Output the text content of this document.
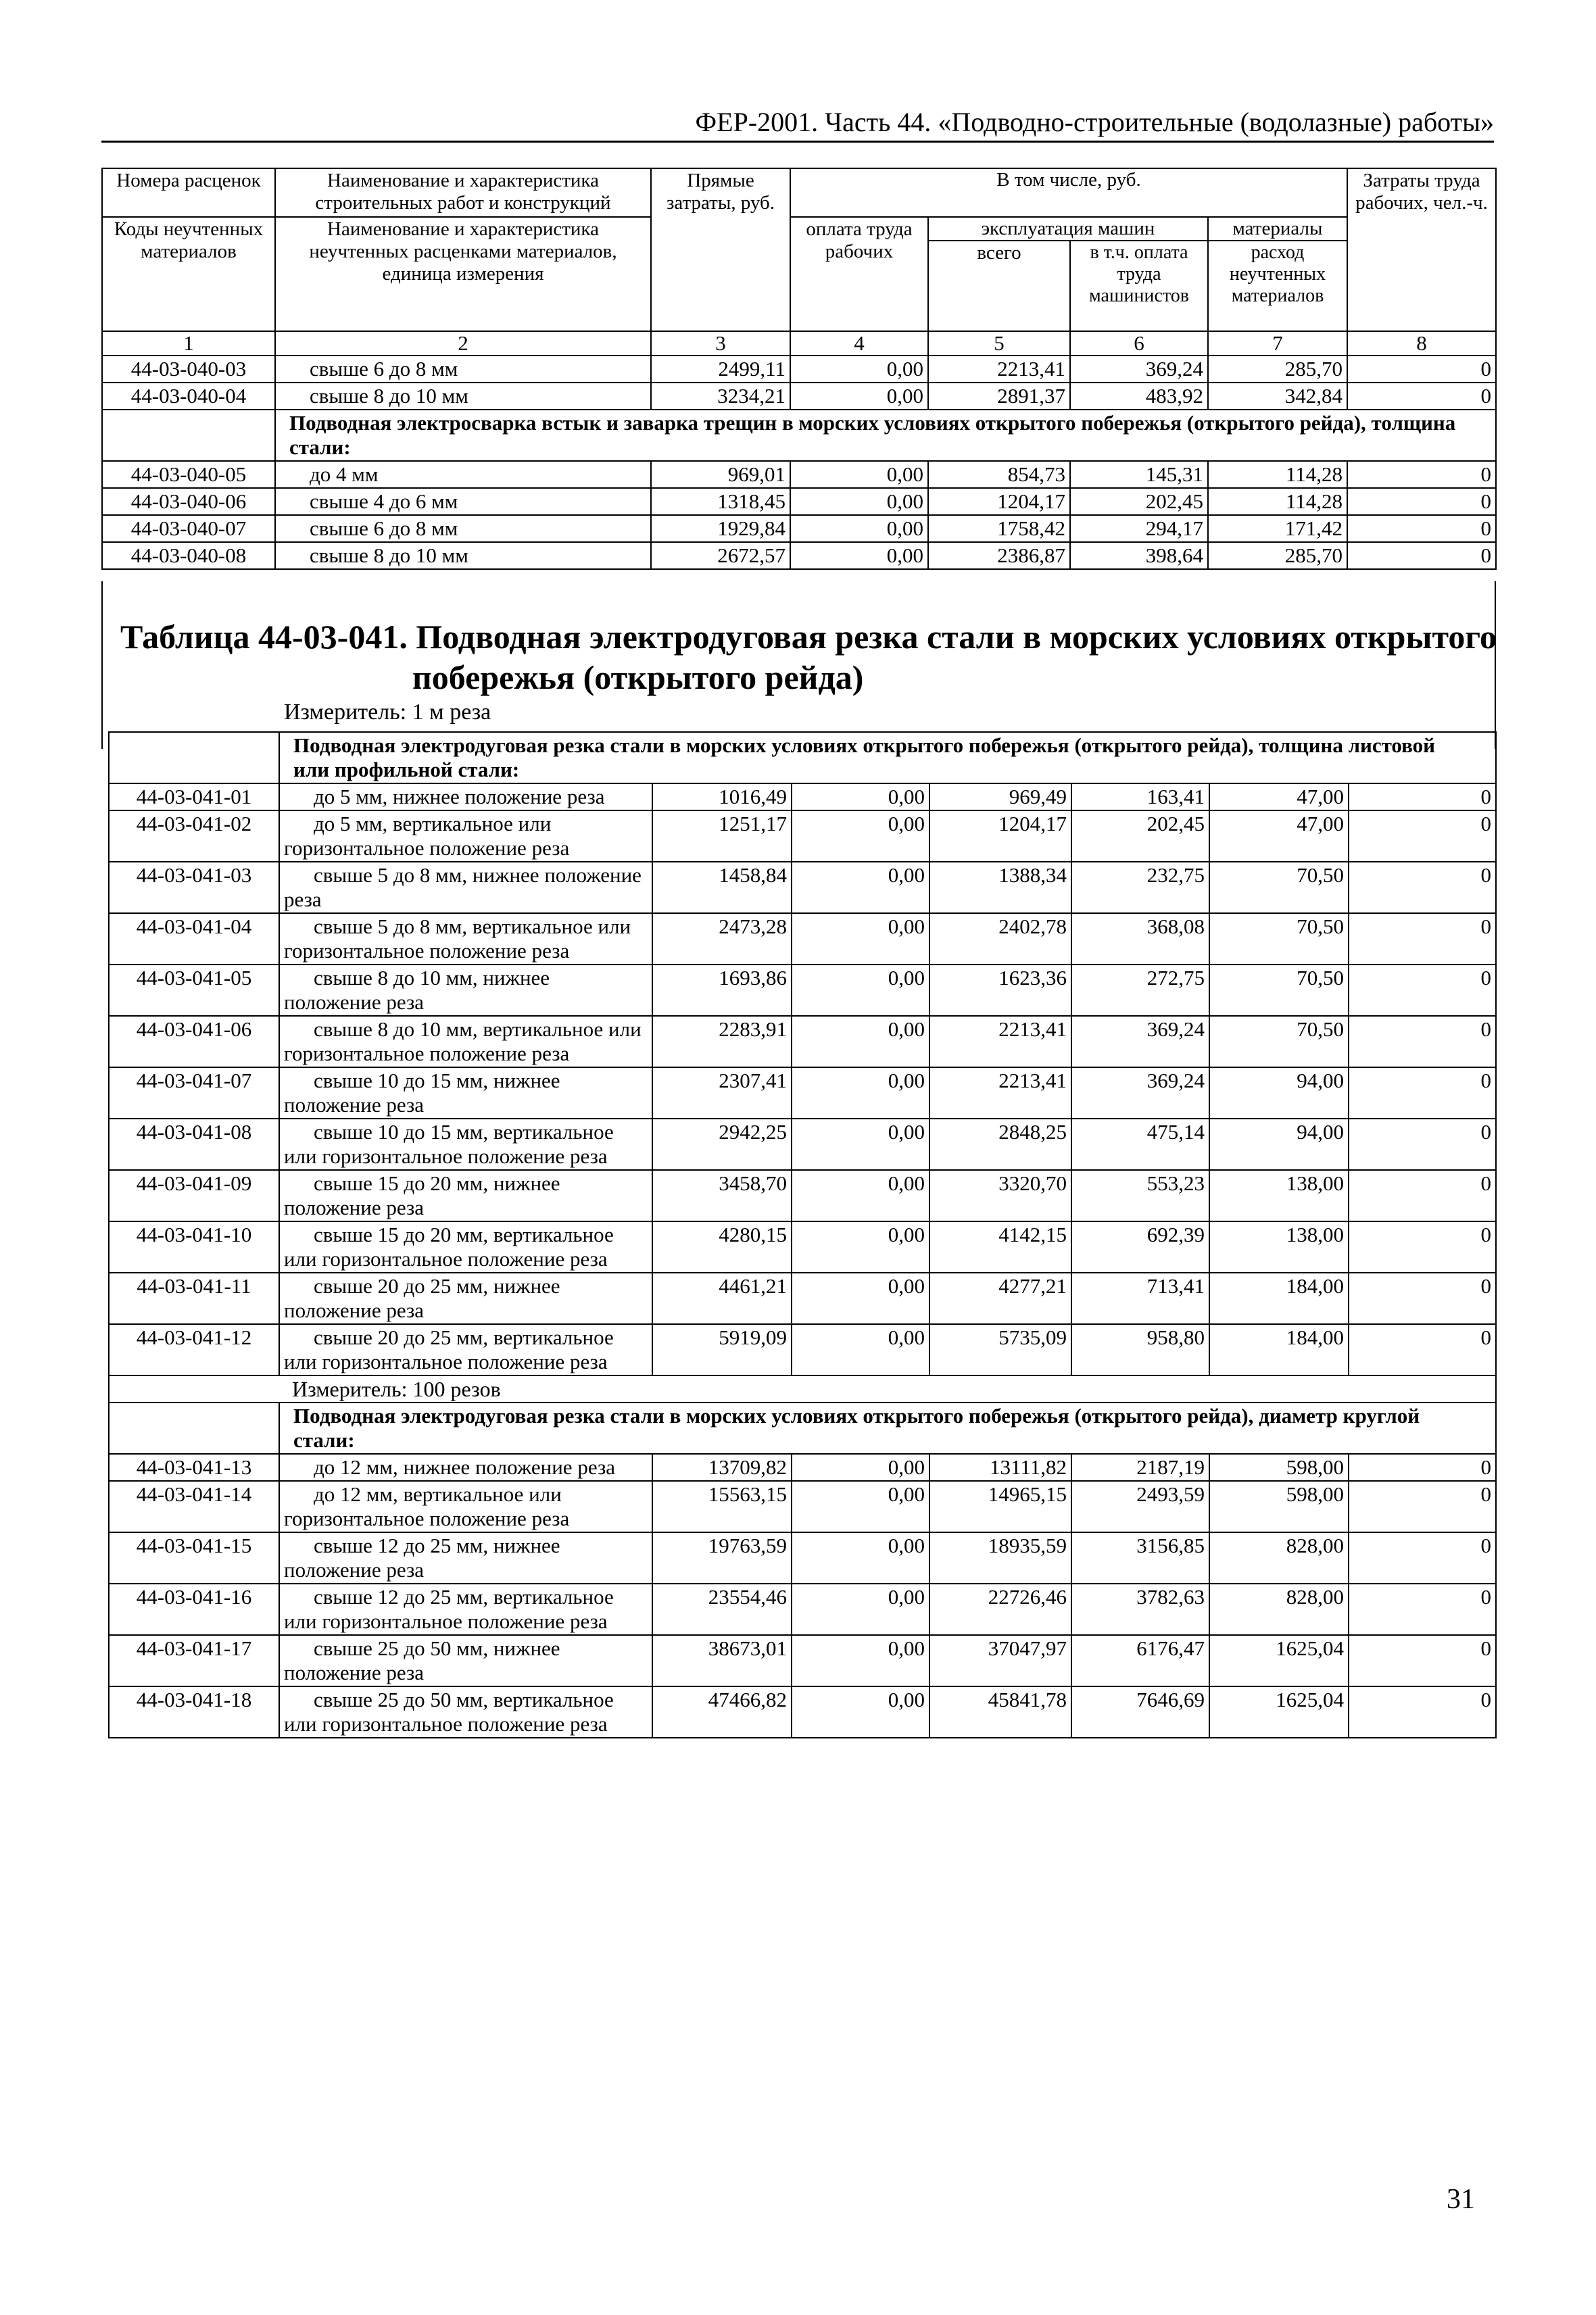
ФЕР-2001. Часть 44. «Подводно-строительные (водолазные) работы»
Номера расценок	Наименование и характеристика строительных работ и конструкций	Прямые затраты, руб.	В том числе, руб.				Затраты труда рабочих, чел.-ч.
Коды неучтенных материалов	Наименование и характеристика неучтенных расценками материалов, единица измерения		оплата труда рабочих	эксплуатация машин		материалы	
				всего	в т.ч. оплата труда машинистов	расход неучтенных материалов	
1	2	3	4	5	6	7	8
44-03-040-03	свыше 6 до 8 мм	2499,11	0,00	2213,41	369,24	285,70	0
44-03-040-04	свыше 8 до 10 мм	3234,21	0,00	2891,37	483,92	342,84	0
	Подводная электросварка встык и заварка трещин в морских условиях открытого побережья (открытого рейда), толщина стали:						
44-03-040-05	до 4 мм	969,01	0,00	854,73	145,31	114,28	0
44-03-040-06	свыше 4 до 6 мм	1318,45	0,00	1204,17	202,45	114,28	0
44-03-040-07	свыше 6 до 8 мм	1929,84	0,00	1758,42	294,17	171,42	0
44-03-040-08	свыше 8 до 10 мм	2672,57	0,00	2386,87	398,64	285,70	0
Таблица 44-03-041. Подводная электродуговая резка стали в морских условиях открытого
побережья (открытого рейда)
Измеритель: 1 м реза
	Подводная электродуговая резка стали в морских условиях открытого побережья (открытого рейда), толщина листовой или профильной стали:						
44-03-041-01	до 5 мм, нижнее положение реза	1016,49	0,00	969,49	163,41	47,00	0
44-03-041-02	до 5 мм, вертикальное или горизонтальное положение реза	1251,17	0,00	1204,17	202,45	47,00	0
44-03-041-03	свыше 5 до 8 мм, нижнее положение реза	1458,84	0,00	1388,34	232,75	70,50	0
44-03-041-04	свыше 5 до 8 мм, вертикальное или горизонтальное положение реза	2473,28	0,00	2402,78	368,08	70,50	0
44-03-041-05	свыше 8 до 10 мм, нижнее положение реза	1693,86	0,00	1623,36	272,75	70,50	0
44-03-041-06	свыше 8 до 10 мм, вертикальное или горизонтальное положение реза	2283,91	0,00	2213,41	369,24	70,50	0
44-03-041-07	свыше 10 до 15 мм, нижнее положение реза	2307,41	0,00	2213,41	369,24	94,00	0
44-03-041-08	свыше 10 до 15 мм, вертикальное или горизонтальное положение реза	2942,25	0,00	2848,25	475,14	94,00	0
44-03-041-09	свыше 15 до 20 мм, нижнее положение реза	3458,70	0,00	3320,70	553,23	138,00	0
44-03-041-10	свыше 15 до 20 мм, вертикальное или горизонтальное положение реза	4280,15	0,00	4142,15	692,39	138,00	0
44-03-041-11	свыше 20 до 25 мм, нижнее положение реза	4461,21	0,00	4277,21	713,41	184,00	0
44-03-041-12	свыше 20 до 25 мм, вертикальное или горизонтальное положение реза	5919,09	0,00	5735,09	958,80	184,00	0
Измеритель: 100 резов							
	Подводная электродуговая резка стали в морских условиях открытого побережья (открытого рейда), диаметр круглой стали:						
44-03-041-13	до 12 мм, нижнее положение реза	13709,82	0,00	13111,82	2187,19	598,00	0
44-03-041-14	до 12 мм, вертикальное или горизонтальное положение реза	15563,15	0,00	14965,15	2493,59	598,00	0
44-03-041-15	свыше 12 до 25 мм, нижнее положение реза	19763,59	0,00	18935,59	3156,85	828,00	0
44-03-041-16	свыше 12 до 25 мм, вертикальное или горизонтальное положение реза	23554,46	0,00	22726,46	3782,63	828,00	0
44-03-041-17	свыше 25 до 50 мм, нижнее положение реза	38673,01	0,00	37047,97	6176,47	1625,04	0
44-03-041-18	свыше 25 до 50 мм, вертикальное или горизонтальное положение реза	47466,82	0,00	45841,78	7646,69	1625,04	0
31
